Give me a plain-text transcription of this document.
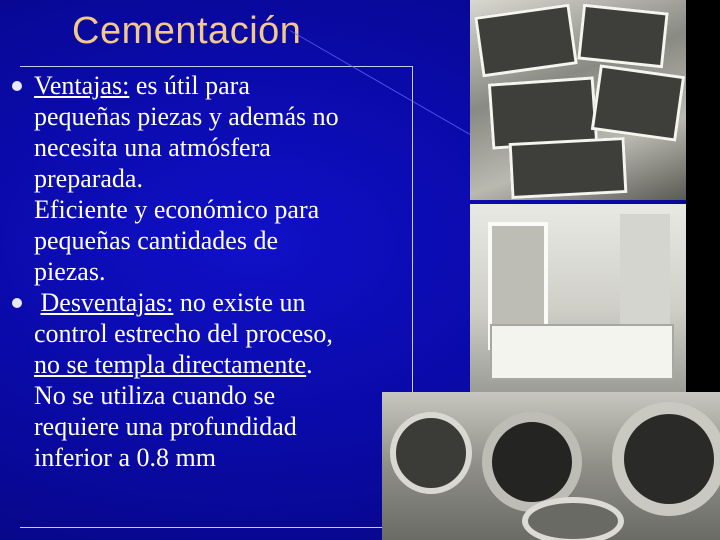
Cementación
Ventajas: es útil para
pequeñas piezas y además no
necesita una atmósfera
preparada.
Eficiente y económico para
pequeñas cantidades de
piezas.
Desventajas: no existe un
control estrecho del proceso,
no se templa directamente.
No se utiliza cuando se
requiere una profundidad
inferior a 0.8 mm
